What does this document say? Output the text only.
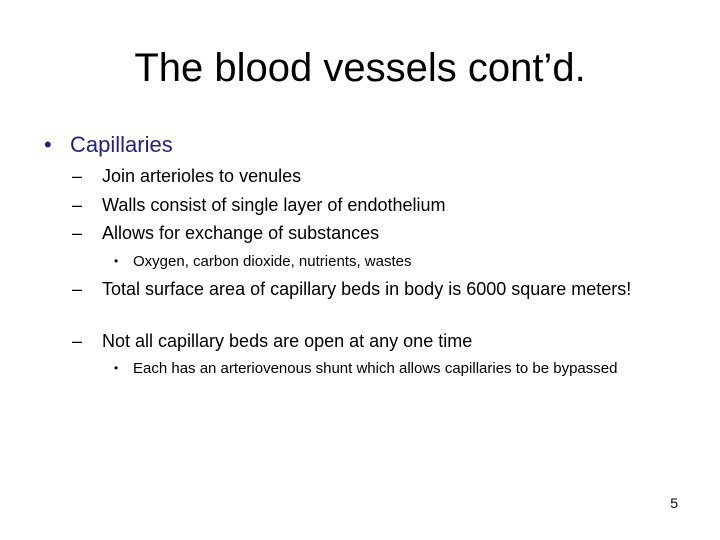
The blood vessels cont’d.
• Capillaries
– Join arterioles to venules
– Walls consist of single layer of endothelium
– Allows for exchange of substances
• Oxygen, carbon dioxide, nutrients, wastes
– Total surface area of capillary beds in body is 6000 square meters!
– Not all capillary beds are open at any one time
• Each has an arteriovenous shunt which allows capillaries to be bypassed
5
